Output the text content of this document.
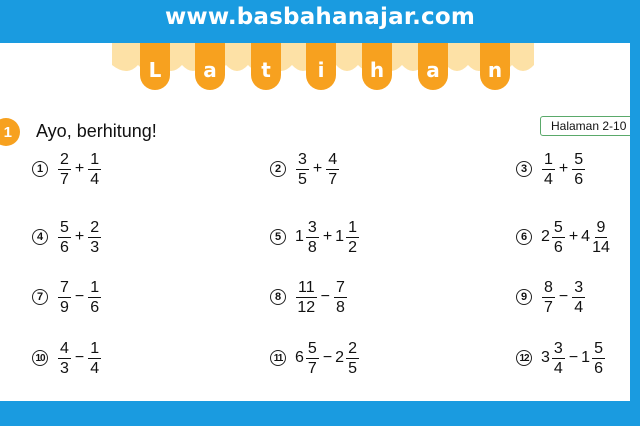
www.basbahanajar.com
L	a	t	i	h	a	n
1	Ayo, berhitung!	Halaman 2-10
$1 \frac{2}{7} + \frac{1}{4}$	$2 \frac{3}{5} + \frac{4}{7}$	$3 \frac{1}{4} + \frac{5}{6}$
$4 \frac{5}{6} + \frac{2}{3}$	5 $1 \frac{3}{8} + 1 \frac{1}{2}$	6 $2 \frac{5}{6} + 4 \frac{9}{14}$
$7 \frac{7}{9} - \frac{1}{6}$	$8 \frac{11}{12} - \frac{7}{8}$	$9 \frac{8}{7} - \frac{3}{4}$
$10 \frac{4}{3} - \frac{1}{4}$	11 $6 \frac{5}{7} - 2 \frac{2}{5}$	12 $3 \frac{3}{4} - 1 \frac{5}{6}$
